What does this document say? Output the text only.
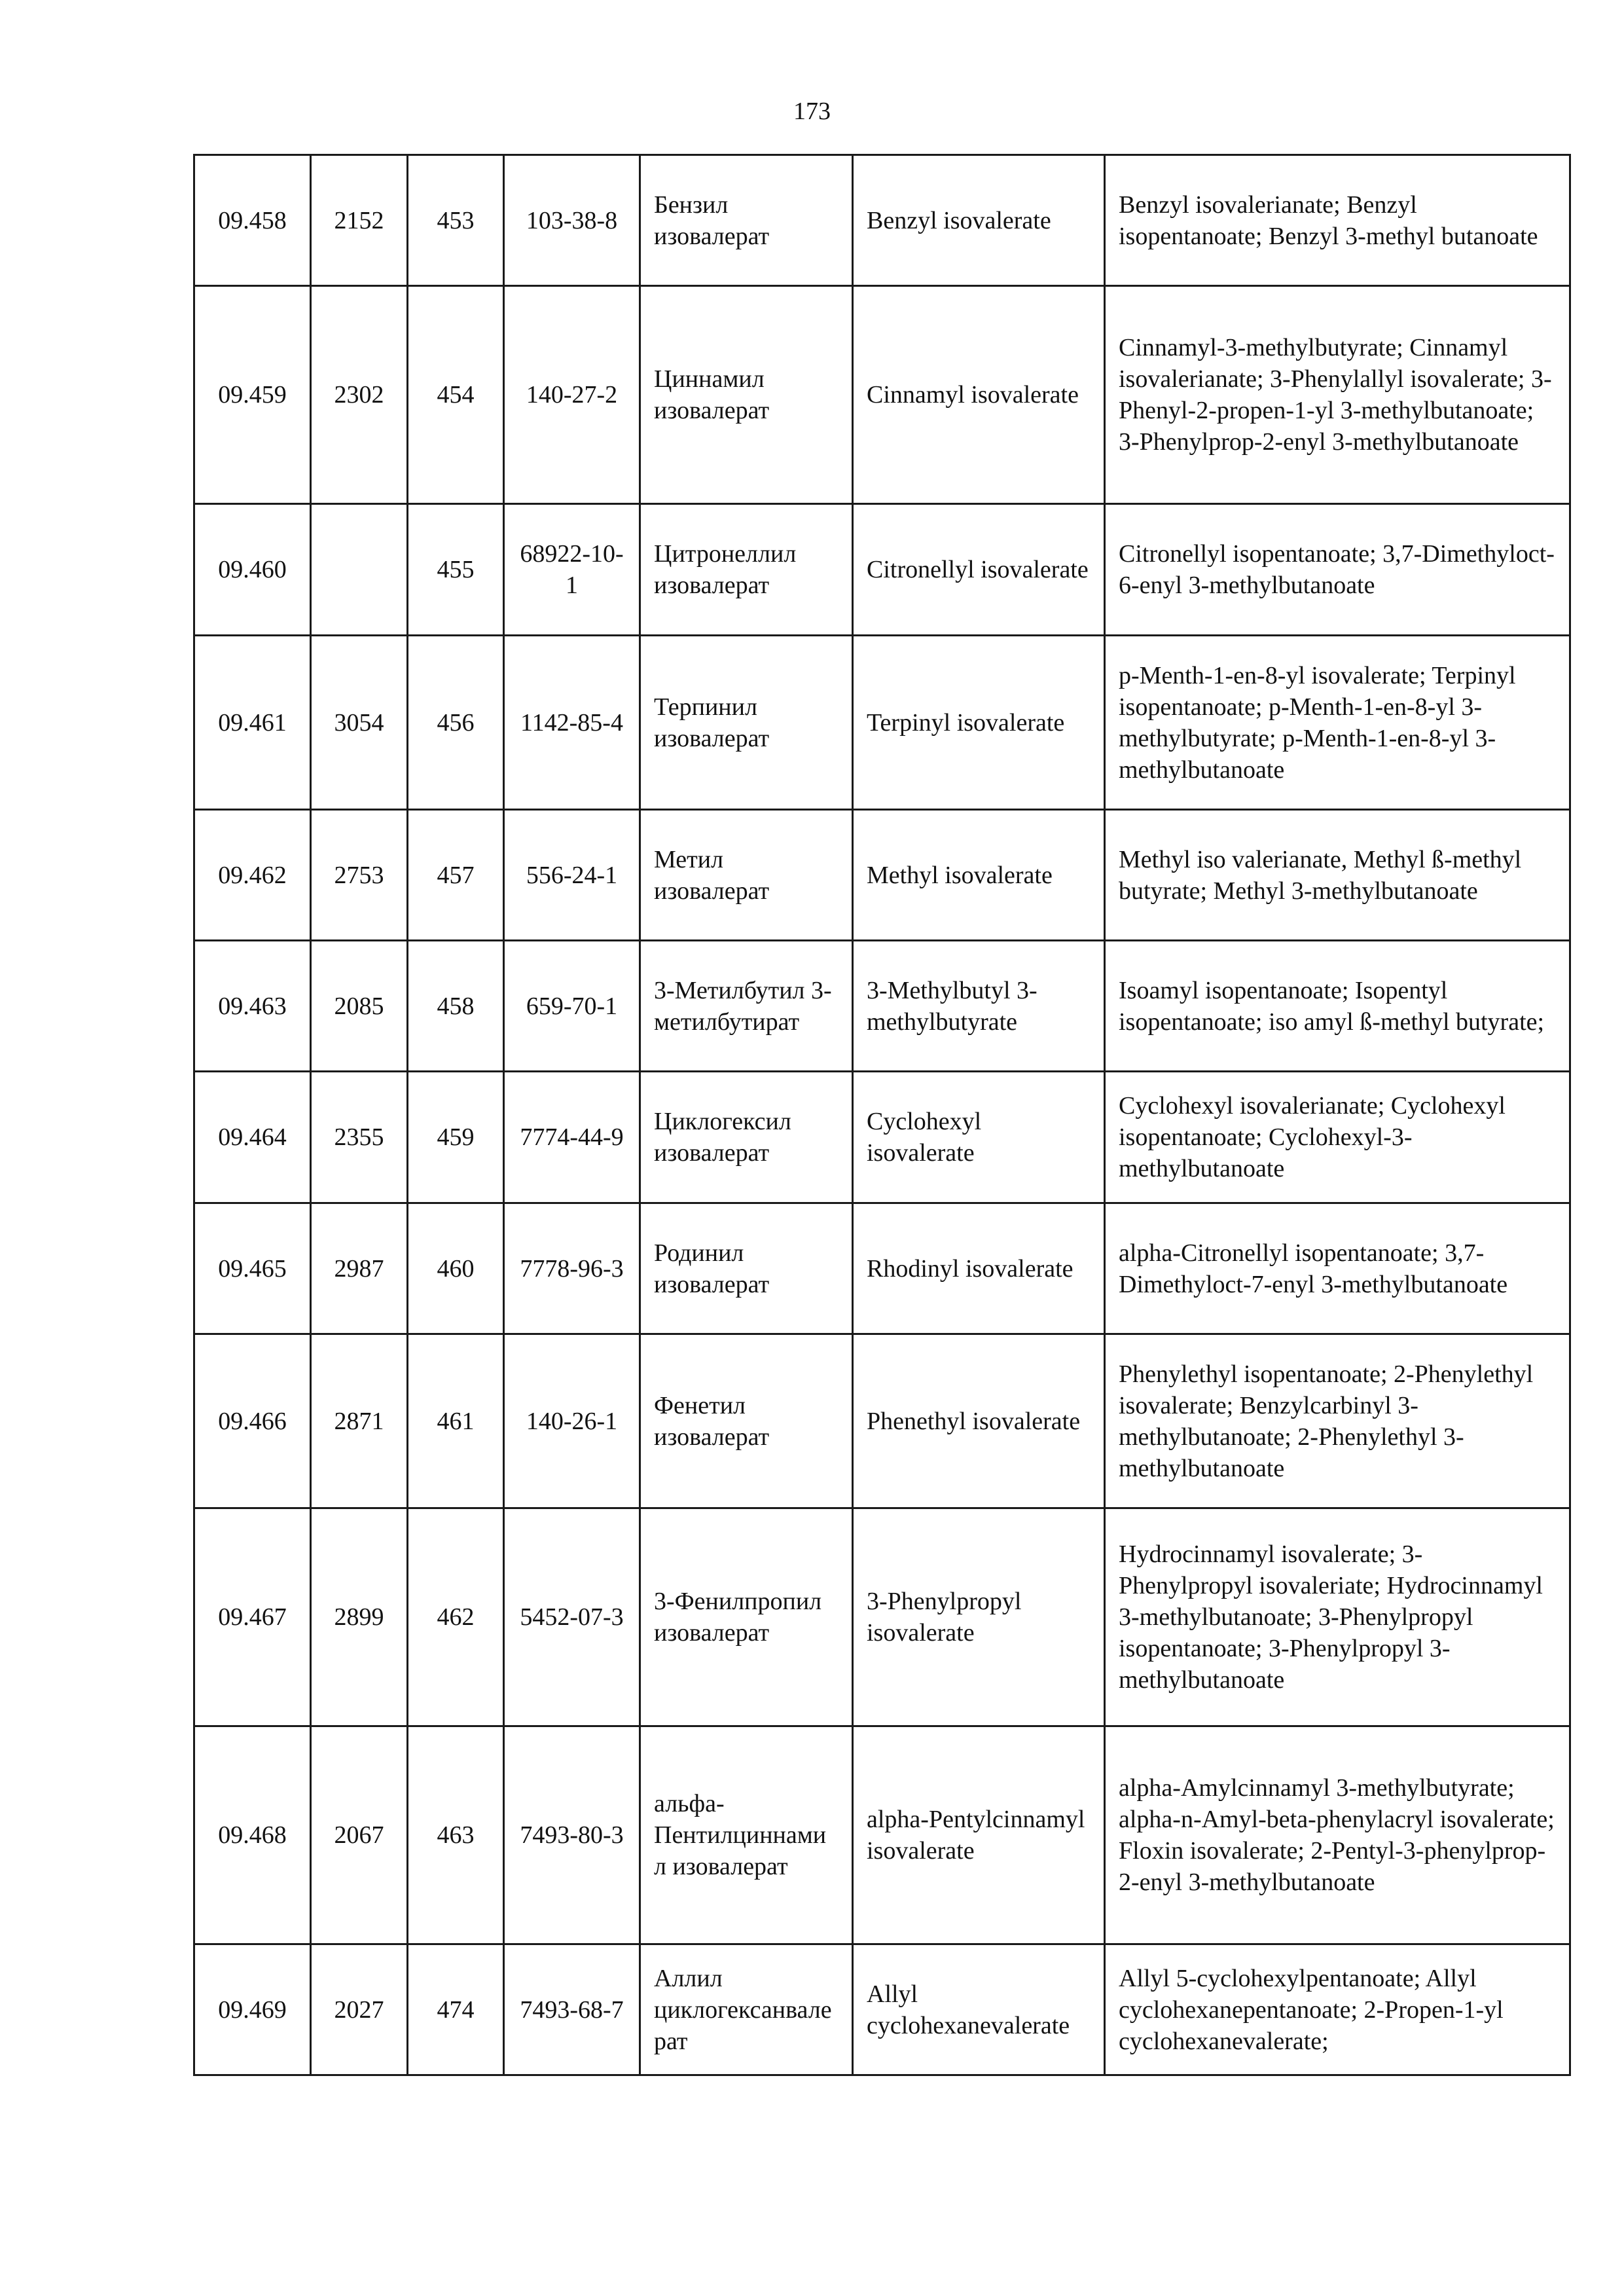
173
09.458	2152	453	103-38-8	Бензил изовалерат	Benzyl isovalerate	Benzyl isovalerianate; Benzyl isopentanoate; Benzyl 3-methyl butanoate
09.459	2302	454	140-27-2	Циннамил изовалерат	Cinnamyl isovalerate	Cinnamyl-3-methylbutyrate; Cinnamyl isovalerianate; 3-Phenylallyl isovalerate; 3-Phenyl-2-propen-1-yl 3-methylbutanoate; 3-Phenylprop-2-enyl 3-methylbutanoate
09.460		455	68922-10-1	Цитронеллил изовалерат	Citronellyl isovalerate	Citronellyl isopentanoate; 3,7-Dimethyloct-6-enyl 3-methylbutanoate
09.461	3054	456	1142-85-4	Терпинил изовалерат	Terpinyl isovalerate	p-Menth-1-en-8-yl isovalerate; Terpinyl isopentanoate; p-Menth-1-en-8-yl 3-methylbutyrate; p-Menth-1-en-8-yl 3-methylbutanoate
09.462	2753	457	556-24-1	Метил изовалерат	Methyl isovalerate	Methyl iso valerianate, Methyl ß-methyl butyrate; Methyl 3-methylbutanoate
09.463	2085	458	659-70-1	3-Метилбутил 3-метилбутират	3-Methylbutyl 3-methylbutyrate	Isoamyl isopentanoate; Isopentyl isopentanoate; iso amyl ß-methyl butyrate;
09.464	2355	459	7774-44-9	Циклогексил изовалерат	Cyclohexyl isovalerate	Cyclohexyl isovalerianate; Cyclohexyl isopentanoate; Cyclohexyl-3-methylbutanoate
09.465	2987	460	7778-96-3	Родинил изовалерат	Rhodinyl isovalerate	alpha-Citronellyl isopentanoate; 3,7-Dimethyloct-7-enyl 3-methylbutanoate
09.466	2871	461	140-26-1	Фенетил изовалерат	Phenethyl isovalerate	Phenylethyl isopentanoate; 2-Phenylethyl isovalerate; Benzylcarbinyl 3-methylbutanoate; 2-Phenylethyl 3-methylbutanoate
09.467	2899	462	5452-07-3	3-Фенилпропил изовалерат	3-Phenylpropyl isovalerate	Hydrocinnamyl isovalerate; 3-Phenylpropyl isovaleriate; Hydrocinnamyl 3-methylbutanoate; 3-Phenylpropyl isopentanoate; 3-Phenylpropyl 3-methylbutanoate
09.468	2067	463	7493-80-3	альфа-Пентилциннамил изовалерат	alpha-Pentylcinnamyl isovalerate	alpha-Amylcinnamyl 3-methylbutyrate; alpha-n-Amyl-beta-phenylacryl isovalerate; Floxin isovalerate; 2-Pentyl-3-phenylprop-2-enyl 3-methylbutanoate
09.469	2027	474	7493-68-7	Аллил циклогексанвалерат	Allyl cyclohexanevalerate	Allyl 5-cyclohexylpentanoate; Allyl cyclohexanepentanoate; 2-Propen-1-yl cyclohexanevalerate;
